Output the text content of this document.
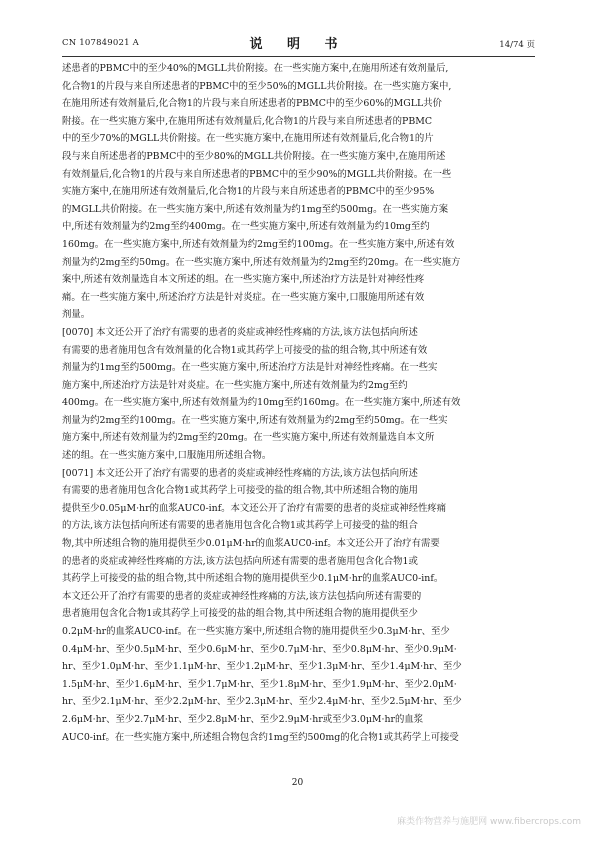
CN 107849021 A	说 明 书	14/74 页

述患者的PBMC中的至少40%的MGLL共价附接。在一些实施方案中,在施用所述有效剂量后,
化合物1的片段与来自所述患者的PBMC中的至少50%的MGLL共价附接。在一些实施方案中,
在施用所述有效剂量后,化合物1的片段与来自所述患者的PBMC中的至少60%的MGLL共价
附接。在一些实施方案中,在施用所述有效剂量后,化合物1的片段与来自所述患者的PBMC
中的至少70%的MGLL共价附接。在一些实施方案中,在施用所述有效剂量后,化合物1的片
段与来自所述患者的PBMC中的至少80%的MGLL共价附接。在一些实施方案中,在施用所述
有效剂量后,化合物1的片段与来自所述患者的PBMC中的至少90%的MGLL共价附接。在一些
实施方案中,在施用所述有效剂量后,化合物1的片段与来自所述患者的PBMC中的至少95%
的MGLL共价附接。在一些实施方案中,所述有效剂量为约1mg至约500mg。在一些实施方案
中,所述有效剂量为约2mg至约400mg。在一些实施方案中,所述有效剂量为约10mg至约
160mg。在一些实施方案中,所述有效剂量为约2mg至约100mg。在一些实施方案中,所述有效
剂量为约2mg至约50mg。在一些实施方案中,所述有效剂量为约2mg至约20mg。在一些实施方
案中,所述有效剂量选自本文所述的组。在一些实施方案中,所述治疗方法是针对神经性疼
痛。在一些实施方案中,所述治疗方法是针对炎症。在一些实施方案中,口服施用所述有效
剂量。

[0070] 本文还公开了治疗有需要的患者的炎症或神经性疼痛的方法,该方法包括向所述
有需要的患者施用包含有效剂量的化合物1或其药学上可接受的盐的组合物,其中所述有效
剂量为约1mg至约500mg。在一些实施方案中,所述治疗方法是针对神经性疼痛。在一些实
施方案中,所述治疗方法是针对炎症。在一些实施方案中,所述有效剂量为约2mg至约
400mg。在一些实施方案中,所述有效剂量为约10mg至约160mg。在一些实施方案中,所述有效
剂量为约2mg至约100mg。在一些实施方案中,所述有效剂量为约2mg至约50mg。在一些实
施方案中,所述有效剂量为约2mg至约20mg。在一些实施方案中,所述有效剂量选自本文所
述的组。在一些实施方案中,口服施用所述组合物。

[0071] 本文还公开了治疗有需要的患者的炎症或神经性疼痛的方法,该方法包括向所述
有需要的患者施用包含化合物1或其药学上可接受的盐的组合物,其中所述组合物的施用
提供至少0.05μM·hr的血浆AUC0-inf。本文还公开了治疗有需要的患者的炎症或神经性疼痛
的方法,该方法包括向所述有需要的患者施用包含化合物1或其药学上可接受的盐的组合
物,其中所述组合物的施用提供至少0.01μM·hr的血浆AUC0-inf。本文还公开了治疗有需要
的患者的炎症或神经性疼痛的方法,该方法包括向所述有需要的患者施用包含化合物1或
其药学上可接受的盐的组合物,其中所述组合物的施用提供至少0.1μM·hr的血浆AUC0-inf。
本文还公开了治疗有需要的患者的炎症或神经性疼痛的方法,该方法包括向所述有需要的
患者施用包含化合物1或其药学上可接受的盐的组合物,其中所述组合物的施用提供至少
0.2μM·hr的血浆AUC0-inf。在一些实施方案中,所述组合物的施用提供至少0.3μM·hr、至少
0.4μM·hr、至少0.5μM·hr、至少0.6μM·hr、至少0.7μM·hr、至少0.8μM·hr、至少0.9μM·
hr、至少1.0μM·hr、至少1.1μM·hr、至少1.2μM·hr、至少1.3μM·hr、至少1.4μM·hr、至少
1.5μM·hr、至少1.6μM·hr、至少1.7μM·hr、至少1.8μM·hr、至少1.9μM·hr、至少2.0μM·
hr、至少2.1μM·hr、至少2.2μM·hr、至少2.3μM·hr、至少2.4μM·hr、至少2.5μM·hr、至少
2.6μM·hr、至少2.7μM·hr、至少2.8μM·hr、至少2.9μM·hr或至少3.0μM·hr的血浆
AUC0-inf。在一些实施方案中,所述组合物包含约1mg至约500mg的化合物1或其药学上可接受

20
麻类作物营养与施肥网 www.fibercrops.com
